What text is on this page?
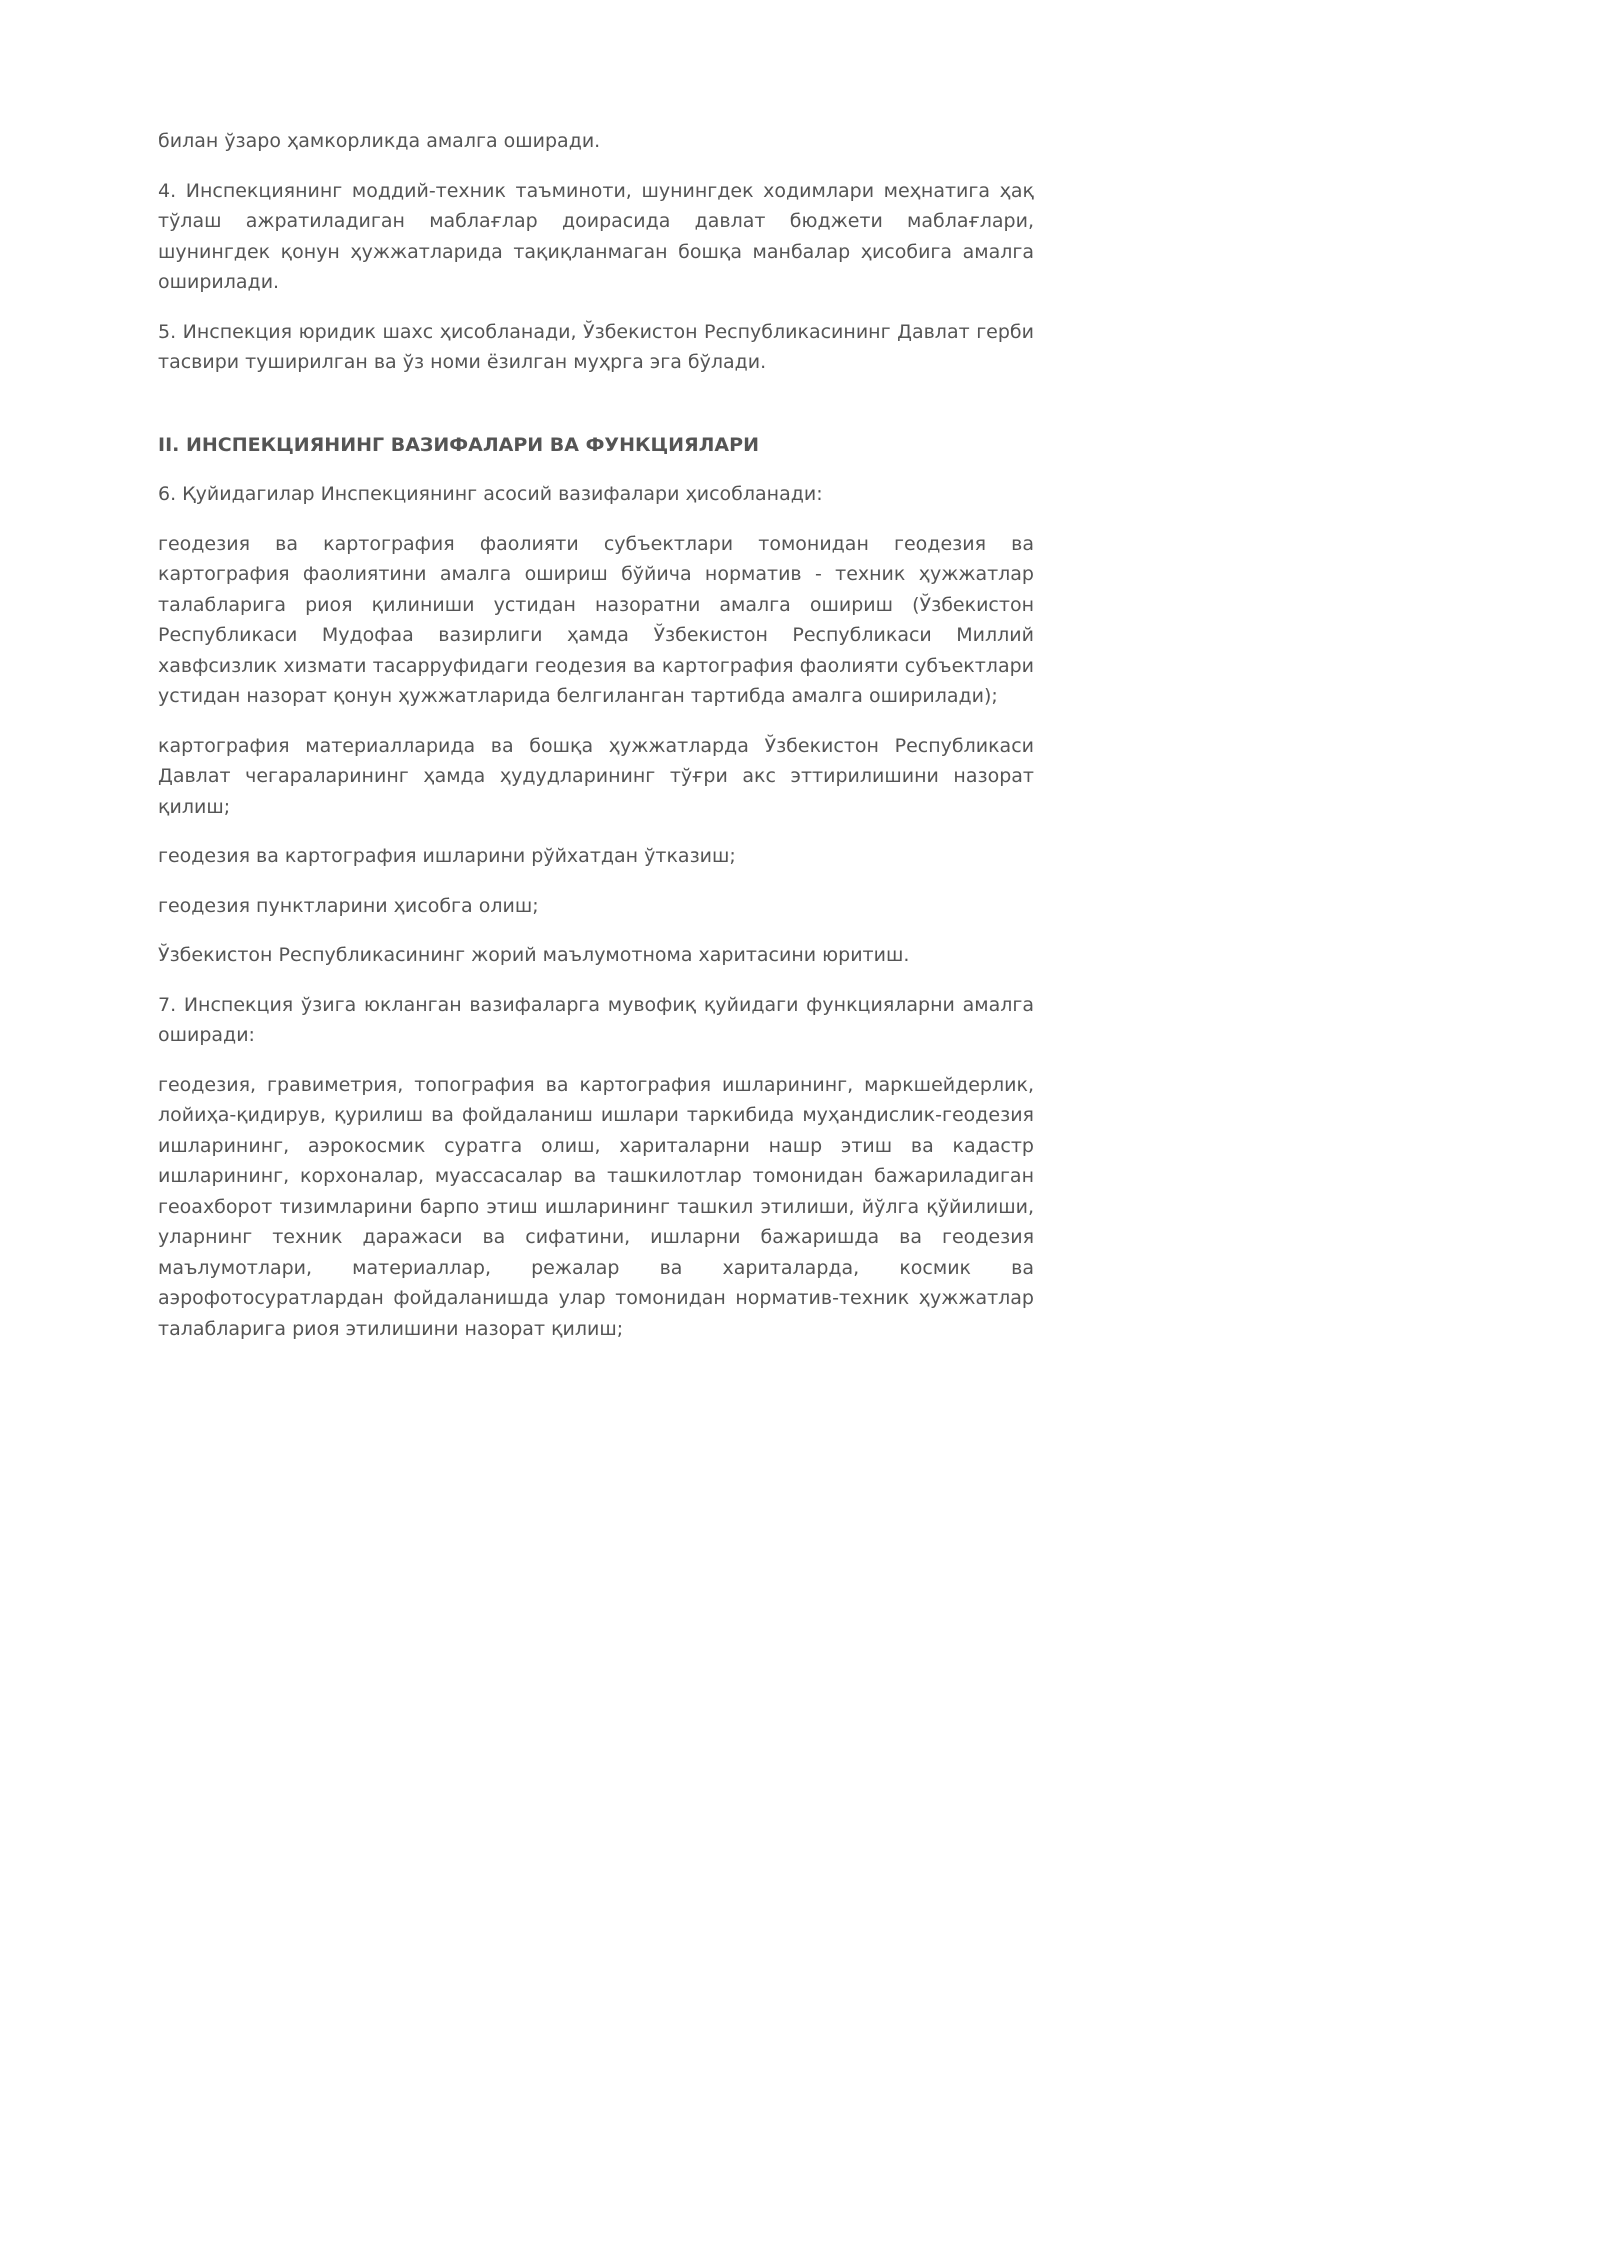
билан ўзаро ҳамкорликда амалга оширади.

4. Инспекциянинг моддий-техник таъминоти, шунингдек ходимлари меҳнатига ҳақ тўлаш ажратиладиган маблағлар доирасида давлат бюджети маблағлари, шунингдек қонун ҳужжатларида тақиқланмаган бошқа манбалар ҳисобига амалга оширилади.

5. Инспекция юридик шахс ҳисобланади, Ўзбекистон Республикасининг Давлат герби тасвири туширилган ва ўз номи ёзилган муҳрга эга бўлади.

II. ИНСПЕКЦИЯНИНГ ВАЗИФАЛАРИ ВА ФУНКЦИЯЛАРИ

6. Қуйидагилар Инспекциянинг асосий вазифалари ҳисобланади:

геодезия ва картография фаолияти субъектлари томонидан геодезия ва картография фаолиятини амалга ошириш бўйича норматив - техник ҳужжатлар талабларига риоя қилиниши устидан назоратни амалга ошириш (Ўзбекистон Республикаси Мудофаа вазирлиги ҳамда Ўзбекистон Республикаси Миллий хавфсизлик хизмати тасарруфидаги геодезия ва картография фаолияти субъектлари устидан назорат қонун ҳужжатларида белгиланган тартибда амалга оширилади);

картография материалларида ва бошқа ҳужжатларда Ўзбекистон Республикаси Давлат чегараларининг ҳамда ҳудудларининг тўғри акс эттирилишини назорат қилиш;

геодезия ва картография ишларини рўйхатдан ўтказиш;

геодезия пунктларини ҳисобга олиш;

Ўзбекистон Республикасининг жорий маълумотнома харитасини юритиш.

7. Инспекция ўзига юкланган вазифаларга мувофиқ қуйидаги функцияларни амалга оширади:

геодезия, гравиметрия, топография ва картография ишларининг, маркшейдерлик, лойиҳа-қидирув, қурилиш ва фойдаланиш ишлари таркибида муҳандислик-геодезия ишларининг, аэрокосмик суратга олиш, хариталарни нашр этиш ва кадастр ишларининг, корхоналар, муассасалар ва ташкилотлар томонидан бажариладиган геоахборот тизимларини барпо этиш ишларининг ташкил этилиши, йўлга қўйилиши, уларнинг техник даражаси ва сифатини, ишларни бажаришда ва геодезия маълумотлари, материаллар, режалар ва хариталарда, космик ва аэрофотосуратлардан фойдаланишда улар томонидан норматив-техник ҳужжатлар талабларига риоя этилишини назорат қилиш;
